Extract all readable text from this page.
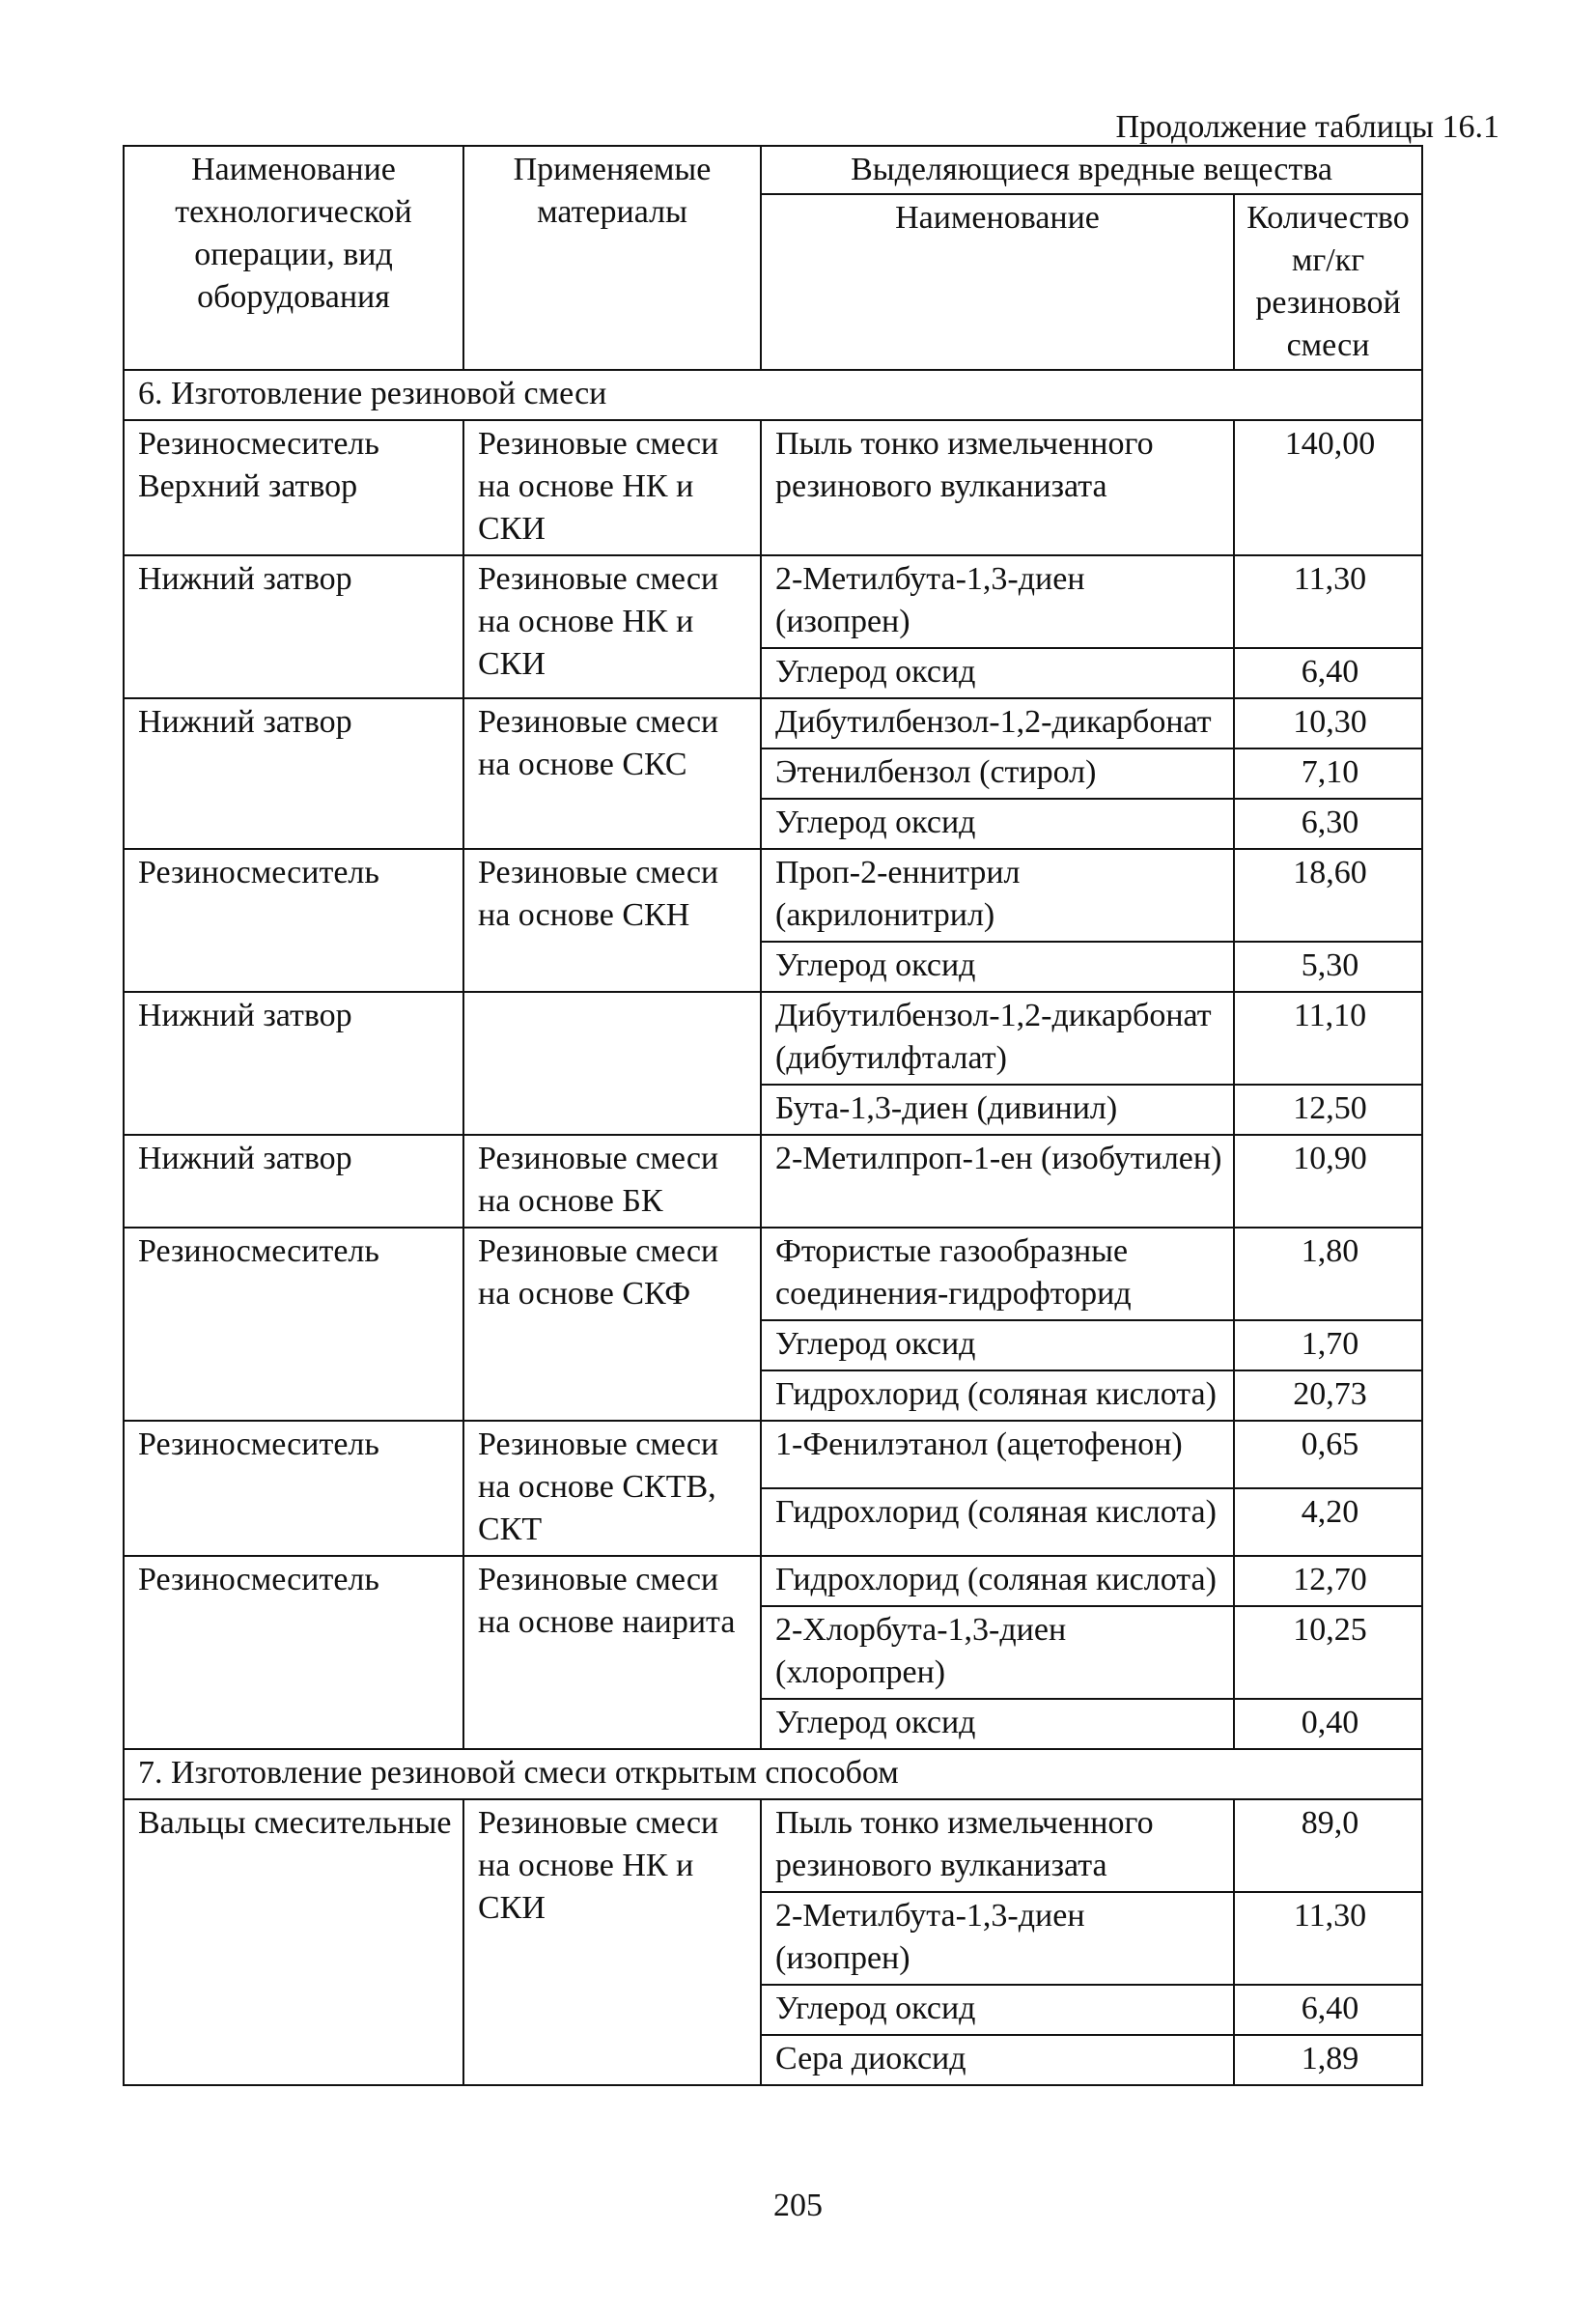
Продолжение таблицы 16.1
Наименование технологической операции, вид оборудования	Применяемые материалы	Выделяющиеся вредные вещества	
		Наименование	Количество мг/кг резиновой смеси
6. Изготовление резиновой смеси			
Резиносмеситель Верхний затвор	Резиновые смеси на основе НК и СКИ	Пыль тонко измельченного резинового вулканизата	140,00
Нижний затвор	Резиновые смеси на основе НК и СКИ	2-Метилбута-1,3-диен (изопрен)	11,30
		Углерод оксид	6,40
Нижний затвор	Резиновые смеси на основе СКС	Дибутилбензол-1,2-дикарбонат	10,30
		Этенилбензол (стирол)	7,10
		Углерод оксид	6,30
Резиносмеситель	Резиновые смеси на основе СКН	Проп-2-еннитрил (акрилонитрил)	18,60
		Углерод оксид	5,30
Нижний затвор		Дибутилбензол-1,2-дикарбонат (дибутилфталат)	11,10
		Бута-1,3-диен (дивинил)	12,50
Нижний затвор	Резиновые смеси на основе БК	2-Метилпроп-1-ен (изобутилен)	10,90
Резиносмеситель	Резиновые смеси на основе СКФ	Фтористые газообразные соединения-гидрофторид	1,80
		Углерод оксид	1,70
		Гидрохлорид (соляная кислота)	20,73
Резиносмеситель	Резиновые смеси на основе СКТВ, СКТ	1-Фенилэтанол (ацетофенон)	0,65
		Гидрохлорид (соляная кислота)	4,20
Резиносмеситель	Резиновые смеси на основе наирита	Гидрохлорид (соляная кислота)	12,70
		2-Хлорбута-1,3-диен (хлоропрен)	10,25
		Углерод оксид	0,40
7. Изготовление резиновой смеси открытым способом			
Вальцы смесительные	Резиновые смеси на основе НК и СКИ	Пыль тонко измельченного резинового вулканизата	89,0
		2-Метилбута-1,3-диен (изопрен)	11,30
		Углерод оксид	6,40
		Сера диоксид	1,89
205
